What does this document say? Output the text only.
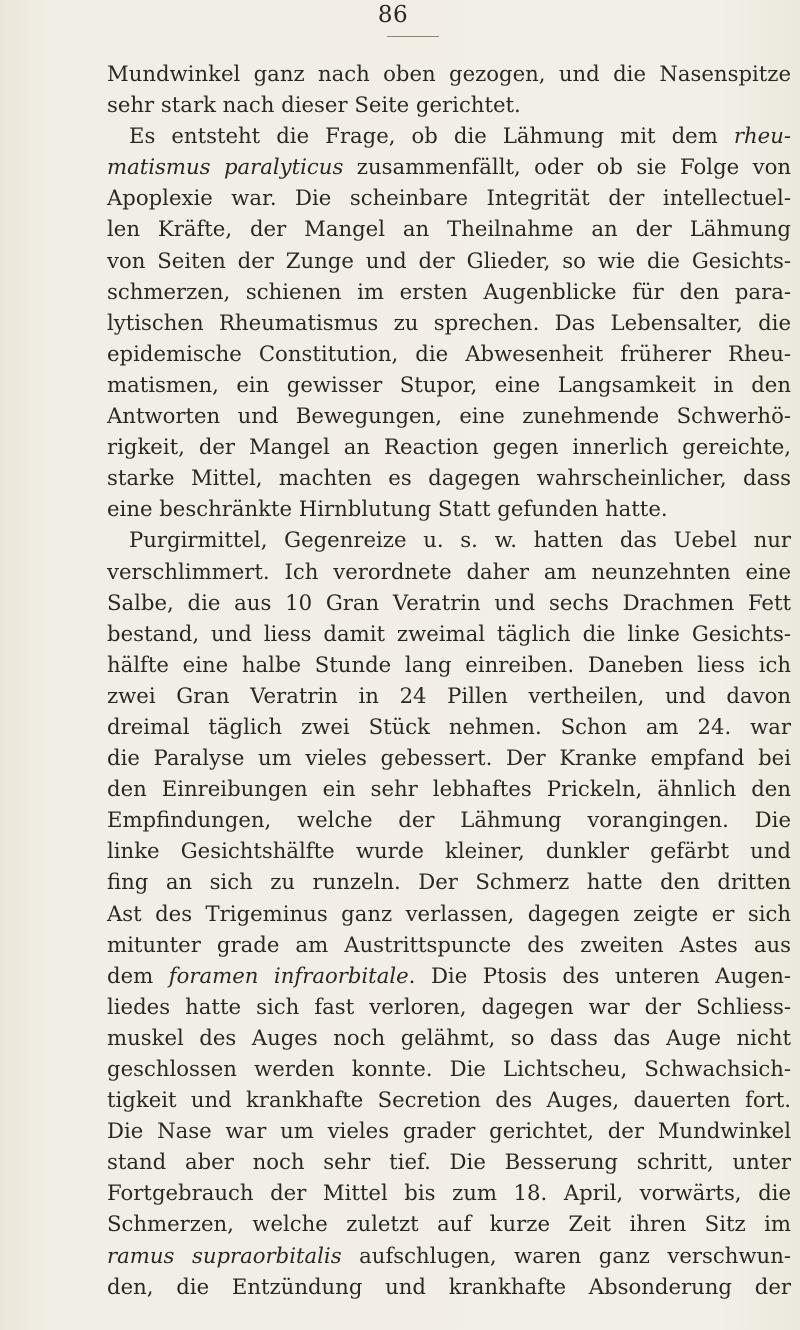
86
Mundwinkel ganz nach oben gezogen, und die Nasenspitze
sehr stark nach dieser Seite gerichtet.
Es entsteht die Frage, ob die Lähmung mit dem rheu-
matismus paralyticus zusammenfällt, oder ob sie Folge von
Apoplexie war. Die scheinbare Integrität der intellectuel-
len Kräfte, der Mangel an Theilnahme an der Lähmung
von Seiten der Zunge und der Glieder, so wie die Gesichts-
schmerzen, schienen im ersten Augenblicke für den para-
lytischen Rheumatismus zu sprechen. Das Lebensalter, die
epidemische Constitution, die Abwesenheit früherer Rheu-
matismen, ein gewisser Stupor, eine Langsamkeit in den
Antworten und Bewegungen, eine zunehmende Schwerhö-
rigkeit, der Mangel an Reaction gegen innerlich gereichte,
starke Mittel, machten es dagegen wahrscheinlicher, dass
eine beschränkte Hirnblutung Statt gefunden hatte.
Purgirmittel, Gegenreize u. s. w. hatten das Uebel nur
verschlimmert. Ich verordnete daher am neunzehnten eine
Salbe, die aus 10 Gran Veratrin und sechs Drachmen Fett
bestand, und liess damit zweimal täglich die linke Gesichts-
hälfte eine halbe Stunde lang einreiben. Daneben liess ich
zwei Gran Veratrin in 24 Pillen vertheilen, und davon
dreimal täglich zwei Stück nehmen. Schon am 24. war
die Paralyse um vieles gebessert. Der Kranke empfand bei
den Einreibungen ein sehr lebhaftes Prickeln, ähnlich den
Empfindungen, welche der Lähmung vorangingen. Die
linke Gesichtshälfte wurde kleiner, dunkler gefärbt und
fing an sich zu runzeln. Der Schmerz hatte den dritten
Ast des Trigeminus ganz verlassen, dagegen zeigte er sich
mitunter grade am Austrittspuncte des zweiten Astes aus
dem foramen infraorbitale. Die Ptosis des unteren Augen-
liedes hatte sich fast verloren, dagegen war der Schliess-
muskel des Auges noch gelähmt, so dass das Auge nicht
geschlossen werden konnte. Die Lichtscheu, Schwachsich-
tigkeit und krankhafte Secretion des Auges, dauerten fort.
Die Nase war um vieles grader gerichtet, der Mundwinkel
stand aber noch sehr tief. Die Besserung schritt, unter
Fortgebrauch der Mittel bis zum 18. April, vorwärts, die
Schmerzen, welche zuletzt auf kurze Zeit ihren Sitz im
ramus supraorbitalis aufschlugen, waren ganz verschwun-
den, die Entzündung und krankhafte Absonderung der
